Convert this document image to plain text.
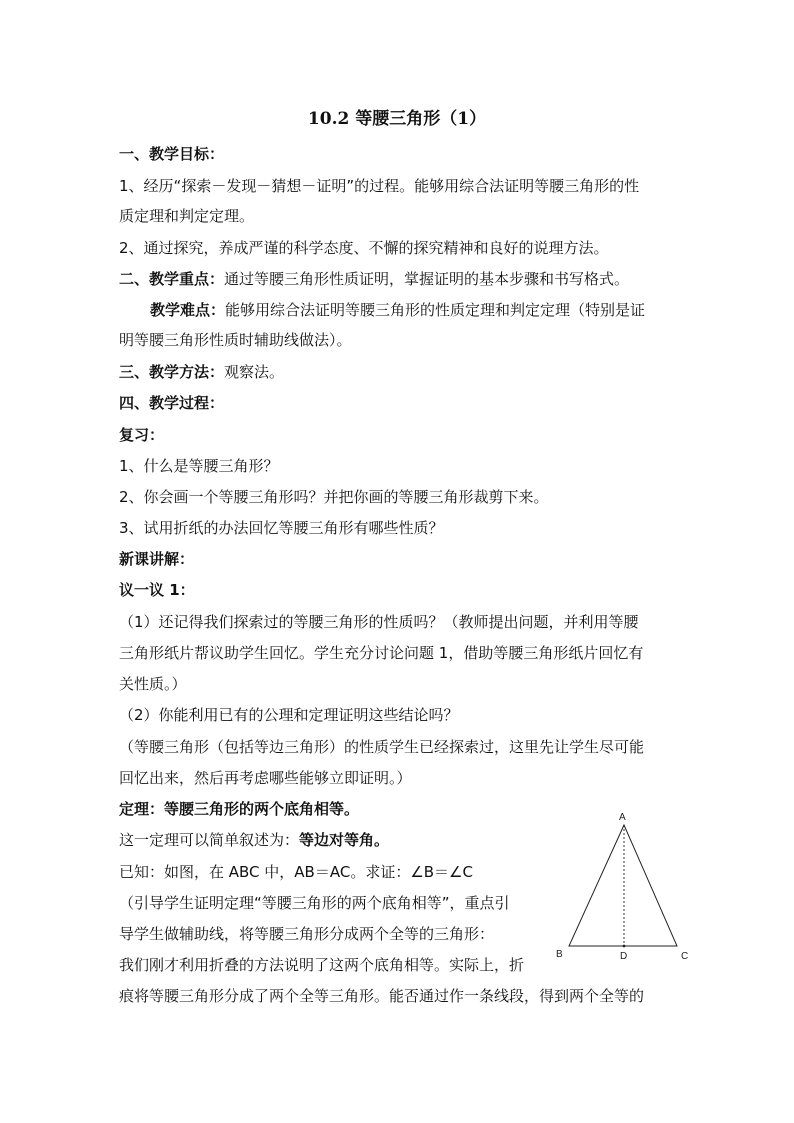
10.2 等腰三角形（1）
一、教学目标：
1、经历“探索－发现－猜想－证明”的过程。能够用综合法证明等腰三角形的性
质定理和判定定理。
2、通过探究，养成严谨的科学态度、不懈的探究精神和良好的说理方法。
二、教学重点：通过等腰三角形性质证明，掌握证明的基本步骤和书写格式。
教学难点：能够用综合法证明等腰三角形的性质定理和判定定理（特别是证
明等腰三角形性质时辅助线做法）。
三、教学方法：观察法。
四、教学过程：
复习：
1、什么是等腰三角形？
2、你会画一个等腰三角形吗？并把你画的等腰三角形裁剪下来。
3、试用折纸的办法回忆等腰三角形有哪些性质？
新课讲解：
议一议 1：
（1）还记得我们探索过的等腰三角形的性质吗？（教师提出问题，并利用等腰
三角形纸片帮议助学生回忆。学生充分讨论问题 1，借助等腰三角形纸片回忆有
关性质。）
（2）你能利用已有的公理和定理证明这些结论吗？
（等腰三角形（包括等边三角形）的性质学生已经探索过，这里先让学生尽可能
回忆出来，然后再考虑哪些能够立即证明。）
定理：等腰三角形的两个底角相等。
这一定理可以简单叙述为：等边对等角。
已知：如图，在 ABC 中，AB＝AC。求证：∠B＝∠C
（引导学生证明定理“等腰三角形的两个底角相等”，重点引
导学生做辅助线，将等腰三角形分成两个全等的三角形：
我们刚才利用折叠的方法说明了这两个底角相等。实际上，折
痕将等腰三角形分成了两个全等三角形。能否通过作一条线段，得到两个全等的
A
B	D	C
